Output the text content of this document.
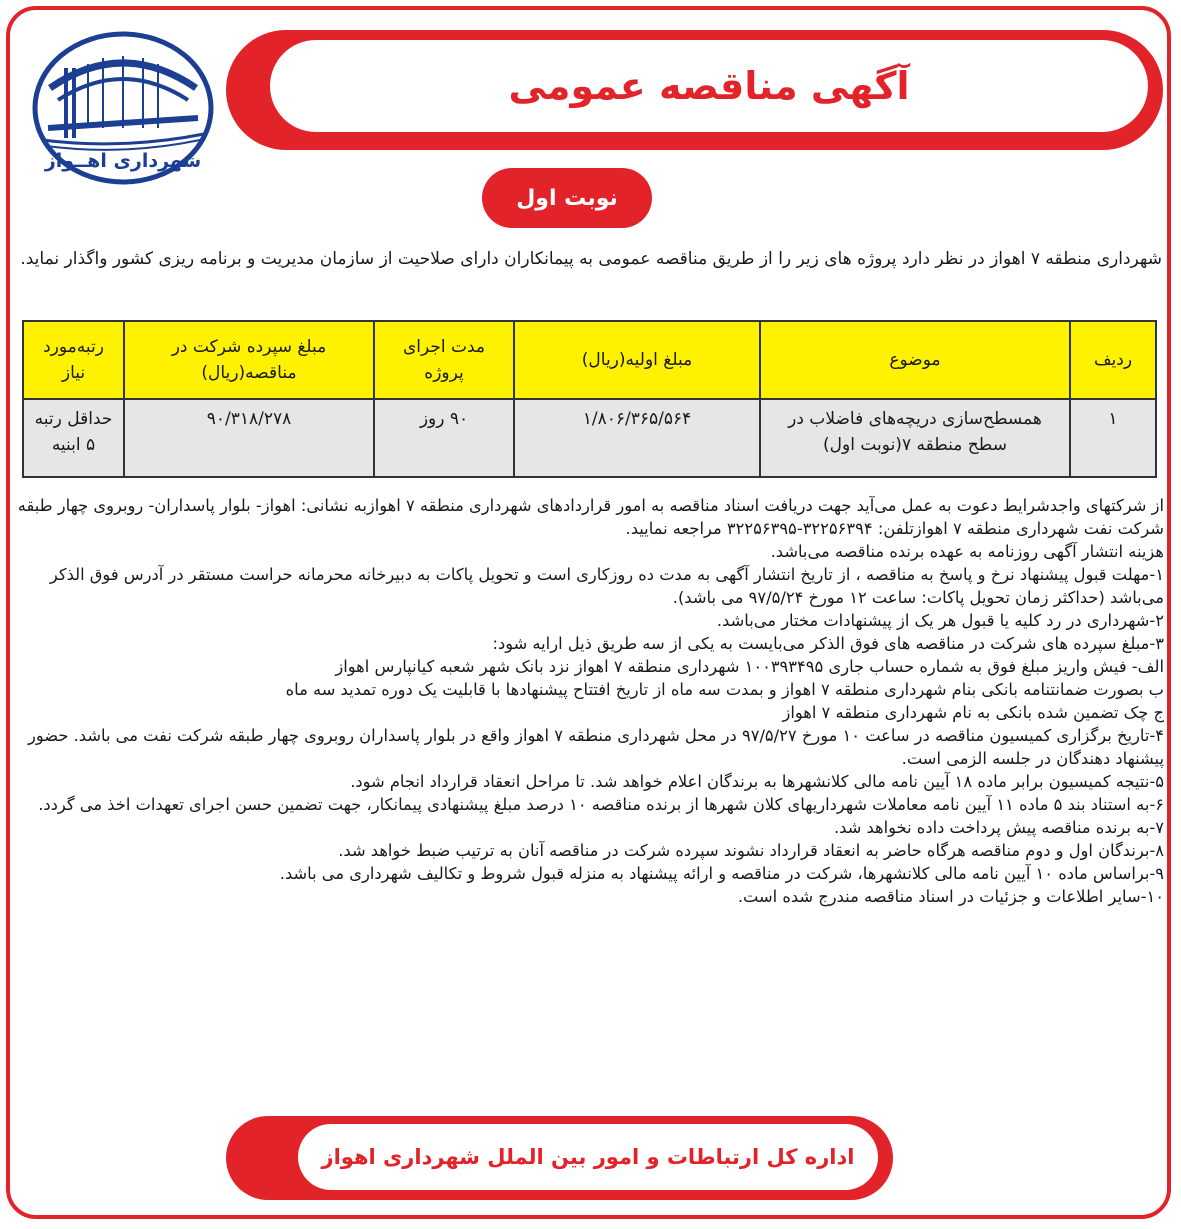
آگهی مناقصه عمومی
شهرداری اهــواز
نوبت اول
شهرداری منطقه ۷ اهواز در نظر دارد پروژه های زیر را از طریق مناقصه عمومی به پیمانکاران دارای صلاحیت از سازمان مدیریت و برنامه ریزی کشور واگذار نماید.
ردیف	موضوع	مبلغ اولیه(ریال)	مدت اجرای پروژه	مبلغ سپرده شرکت در مناقصه(ریال)	رتبه‌مورد نیاز
۱	همسطح‌سازی دریچه‌های فاضلاب در سطح منطقه ۷(نوبت اول)	۱/۸۰۶/۳۶۵/۵۶۴	۹۰ روز	۹۰/۳۱۸/۲۷۸	حداقل رتبه ۵ ابنیه

از شرکتهای واجدشرایط دعوت به عمل می‌آید جهت دریافت اسناد مناقصه به امور قراردادهای شهرداری منطقه ۷ اهوازبه نشانی: اهواز- بلوار پاسداران- روبروی چهار طبقه شرکت نفت شهرداری منطقه ۷ اهوازتلفن: ۳۲۲۵۶۳۹۴-۳۲۲۵۶۳۹۵ مراجعه نمایید.

هزینه انتشار آگهی روزنامه به عهده برنده مناقصه می‌باشد.

۱-مهلت قبول پیشنهاد نرخ و پاسخ به مناقصه ، از تاریخ انتشار آگهی به مدت ده روزکاری است و تحویل پاکات به دبیرخانه محرمانه حراست مستقر در آدرس فوق الذکر می‌باشد (حداکثر زمان تحویل پاکات: ساعت ۱۲ مورخ ۹۷/۵/۲۴ می باشد).

۲-شهرداری در رد کلیه یا قبول هر یک از پیشنهادات مختار می‌باشد.

۳-مبلغ سپرده های شرکت در مناقصه های فوق الذکر می‌بایست به یکی از سه طریق ذیل ارایه شود:

الف- فیش واریز مبلغ فوق به شماره حساب جاری ۱۰۰۳۹۳۴۹۵ شهرداری منطقه ۷ اهواز نزد بانک شهر شعبه کیانپارس اهواز

ب بصورت ضمانتنامه بانکی بنام شهرداری منطقه ۷ اهواز و بمدت سه ماه از تاریخ افتتاح پیشنهادها با قابلیت یک دوره تمدید سه ماه

ج چک تضمین شده بانکی به نام شهرداری منطقه ۷ اهواز

۴-تاریخ برگزاری کمیسیون مناقصه در ساعت ۱۰ مورخ ۹۷/۵/۲۷ در محل شهرداری منطقه ۷ اهواز واقع در بلوار پاسداران روبروی چهار طبقه شرکت نفت می باشد. حضور پیشنهاد دهندگان در جلسه الزمی است.

۵-نتیجه کمیسیون برابر ماده ۱۸ آیین نامه مالی کلانشهرها به برندگان اعلام خواهد شد. تا مراحل انعقاد قرارداد انجام شود.

۶-به استناد بند ۵ ماده ۱۱ آیین نامه معاملات شهرداریهای کلان شهرها از برنده مناقصه ۱۰ درصد مبلغ پیشنهادی پیمانکار، جهت تضمین حسن اجرای تعهدات اخذ می گردد.

۷-به برنده مناقصه پیش پرداخت داده نخواهد شد.

۸-برندگان اول و دوم مناقصه هرگاه حاضر به انعقاد قرارداد نشوند سپرده شرکت در مناقصه آنان به ترتیب ضبط خواهد شد.

۹-براساس ماده ۱۰ آیین نامه مالی کلانشهرها، شرکت در مناقصه و ارائه پیشنهاد به منزله قبول شروط و تکالیف شهرداری می باشد.

۱۰-سایر اطلاعات و جزئیات در اسناد مناقصه مندرج شده است.

اداره کل ارتباطات و امور بین الملل شهرداری اهواز
